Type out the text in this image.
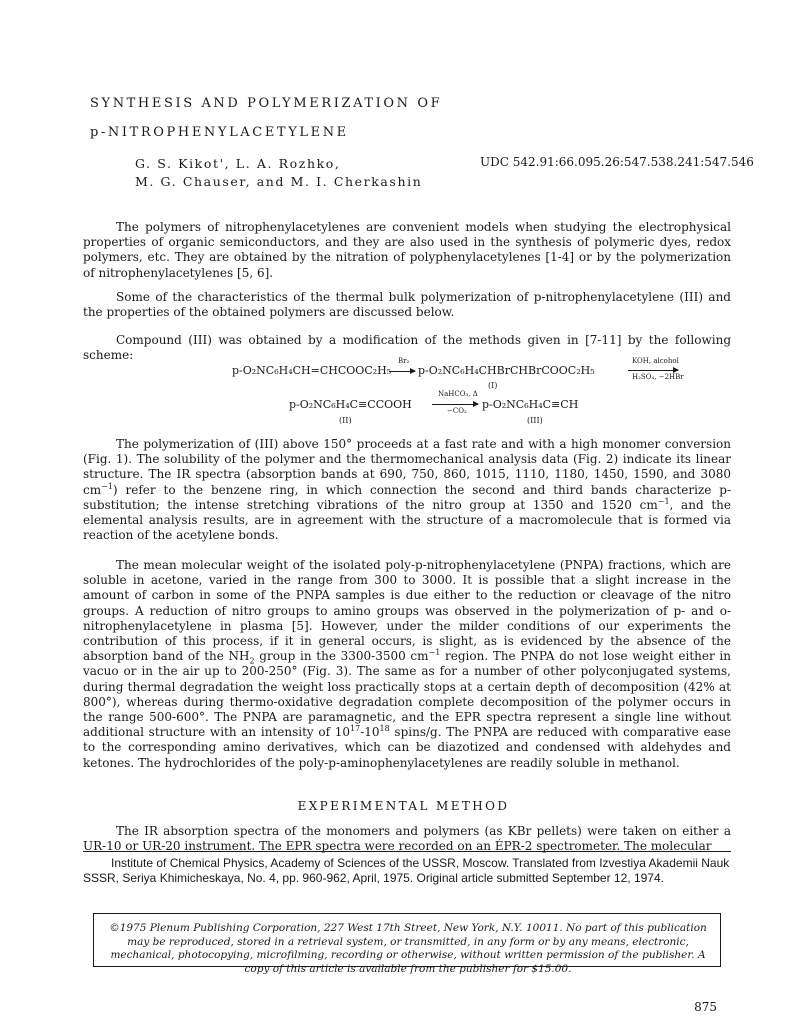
SYNTHESIS AND POLYMERIZATION OF
p-NITROPHENYLACETYLENE
G. S. Kikot', L. A. Rozhko,
M. G. Chauser, and M. I. Cherkashin
UDC 542.91:66.095.26:547.538.241:547.546

The polymers of nitrophenylacetylenes are convenient models when studying the electrophysical properties of organic semiconductors, and they are also used in the synthesis of polymeric dyes, redox polymers, etc. They are obtained by the nitration of polyphenylacetylenes [1-4] or by the polymerization of nitrophenylacetylenes [5, 6].

Some of the characteristics of the thermal bulk polymerization of p-nitrophenylacetylene (III) and the properties of the obtained polymers are discussed below.

Compound (III) was obtained by a modification of the methods given in [7-11] by the following scheme:

p-O₂NC₆H₄CH=CHCOOC₂H₅
Br₂
→ p-O₂NC₆H₄CHBrCHBrCOOC₂H₅
KOH, alcohol
H₂SO₄, −2HBr
(I)
p-O₂NC₆H₄C≡CCOOH
NaHCO₃, Δ
−CO₂ p-O₂NC₆H₄C≡CH
(II)	(III)

The polymerization of (III) above 150° proceeds at a fast rate and with a high monomer conversion (Fig. 1). The solubility of the polymer and the thermomechanical analysis data (Fig. 2) indicate its linear structure. The IR spectra (absorption bands at 690, 750, 860, 1015, 1110, 1180, 1450, 1590, and 3080 $cm^{-1}$) refer to the benzene ring, in which connection the second and third bands characterize p-substitution; the intense stretching vibrations of the nitro group at 1350 and 1520 $cm^{-1}$, and the elemental analysis results, are in agreement with the structure of a macromolecule that is formed via reaction of the acetylene bonds.

The mean molecular weight of the isolated poly-p-nitrophenylacetylene (PNPA) fractions, which are soluble in acetone, varied in the range from 300 to 3000. It is possible that a slight increase in the amount of carbon in some of the PNPA samples is due either to the reduction or cleavage of the nitro groups. A reduction of nitro groups to amino groups was observed in the polymerization of p- and o-nitrophenylacetylene in plasma [5]. However, under the milder conditions of our experiments the contribution of this process, if it in general occurs, is slight, as is evidenced by the absence of the absorption band of the $NH_2$ group in the 3300-3500 $cm^{-1}$ region. The PNPA do not lose weight either in vacuo or in the air up to 200-250° (Fig. 3). The same as for a number of other polyconjugated systems, during thermal degradation the weight loss practically stops at a certain depth of decomposition (42% at 800°), whereas during thermo-oxidative degradation complete decomposition of the polymer occurs in the range 500-600°. The PNPA are paramagnetic, and the EPR spectra represent a single line without additional structure with an intensity of $10^{17}-10^{18}$ spins/g. The PNPA are reduced with comparative ease to the corresponding amino derivatives, which can be diazotized and condensed with aldehydes and ketones. The hydrochlorides of the poly-p-aminophenylacetylenes are readily soluble in methanol.

EXPERIMENTAL METHOD

The IR absorption spectra of the monomers and polymers (as KBr pellets) were taken on either a UR-10 or UR-20 instrument. The EPR spectra were recorded on an ÉPR-2 spectrometer. The molecular

Institute of Chemical Physics, Academy of Sciences of the USSR, Moscow. Translated from Izvestiya Akademii Nauk SSSR, Seriya Khimicheskaya, No. 4, pp. 960-962, April, 1975. Original article submitted September 12, 1974.

©1975 Plenum Publishing Corporation, 227 West 17th Street, New York, N.Y. 10011. No part of this publication may be reproduced, stored in a retrieval system, or transmitted, in any form or by any means, electronic, mechanical, photocopying, microfilming, recording or otherwise, without written permission of the publisher. A copy of this article is available from the publisher for $15.00.
875
